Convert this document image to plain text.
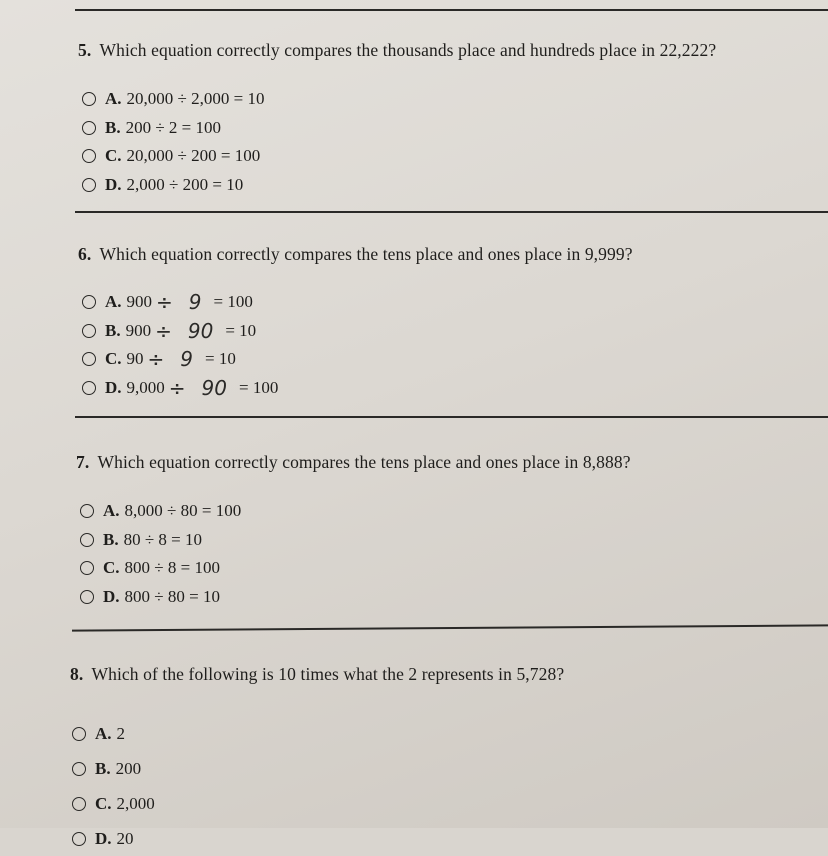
5. Which equation correctly compares the thousands place and hundreds place in 22,222?
A. 20,000 ÷ 2,000 = 10
B. 200 ÷ 2 = 100
C. 20,000 ÷ 200 = 100
D. 2,000 ÷ 200 = 10
6. Which equation correctly compares the tens place and ones place in 9,999?
A. 900 ÷ 9 = 100
B. 900 ÷ 90 = 10
C. 90 ÷ 9 = 10
D. 9,000 ÷ 90 = 100
7. Which equation correctly compares the tens place and ones place in 8,888?
A. 8,000 ÷ 80 = 100
B. 80 ÷ 8 = 10
C. 800 ÷ 8 = 100
D. 800 ÷ 80 = 10
8. Which of the following is 10 times what the 2 represents in 5,728?
A. 2
B. 200
C. 2,000
D. 20
